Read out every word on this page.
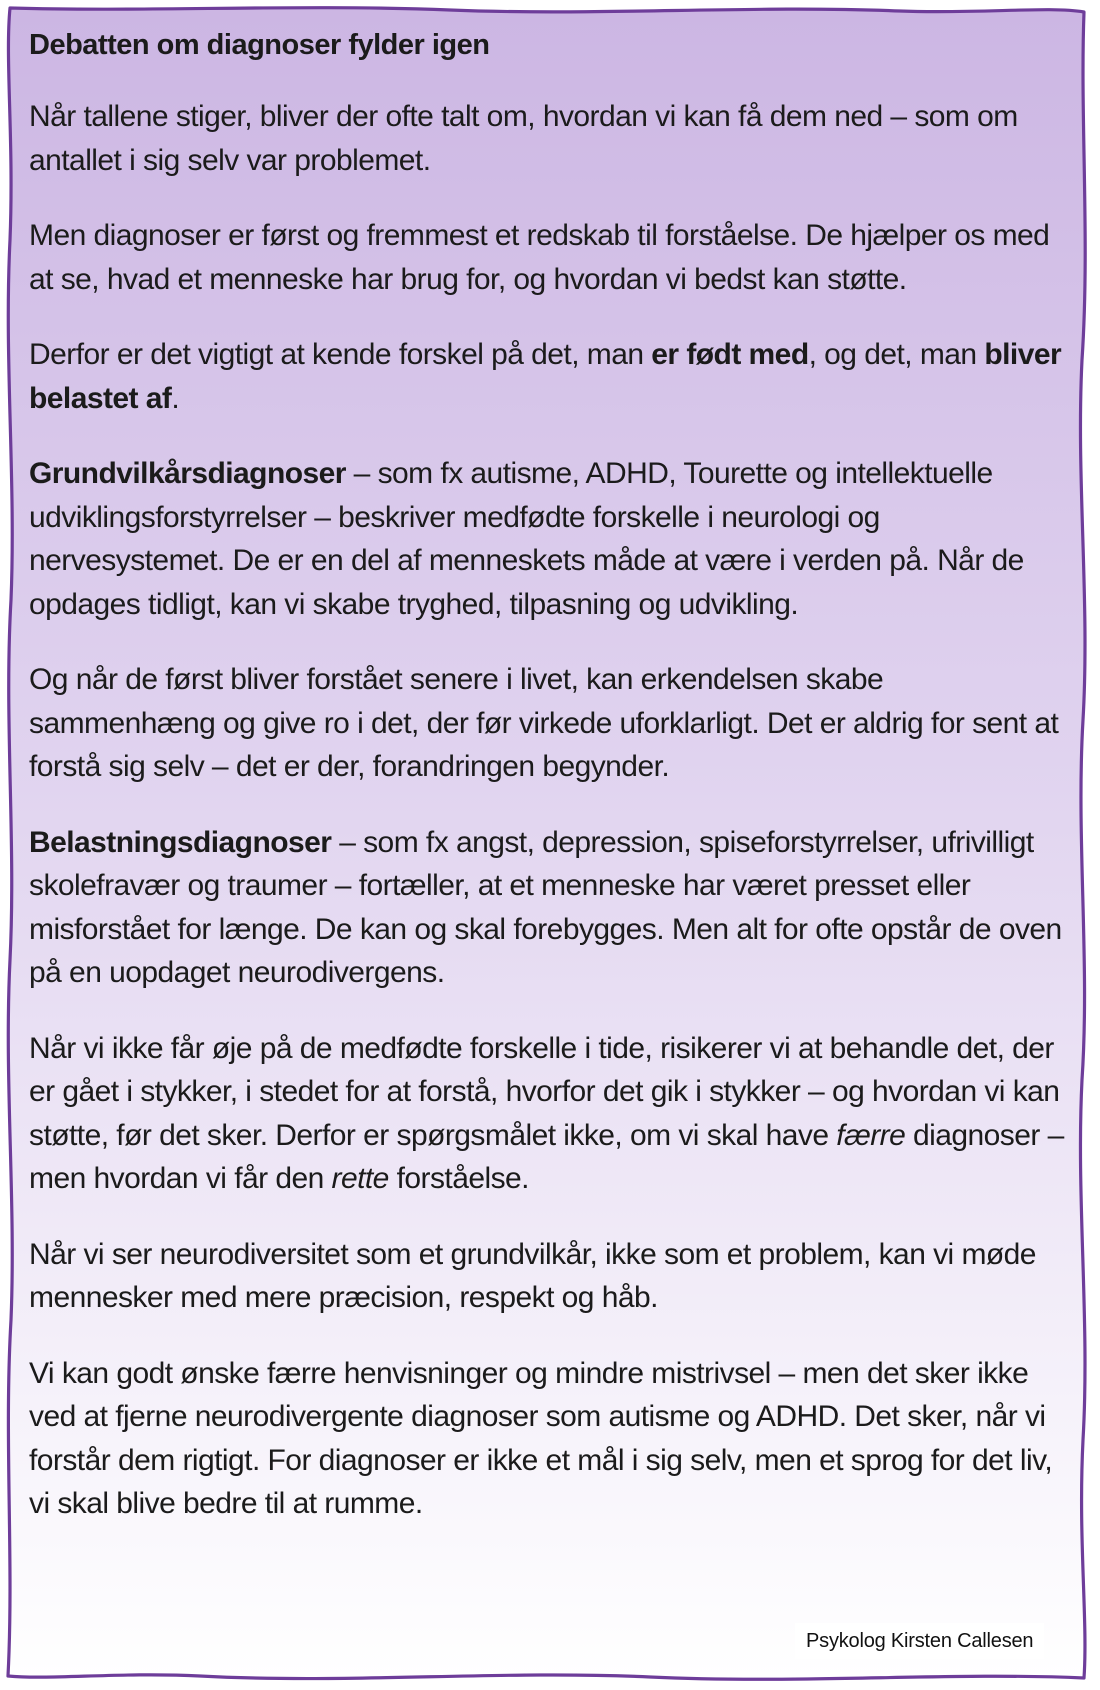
Debatten om diagnoser fylder igen

Når tallene stiger, bliver der ofte talt om, hvordan vi kan få dem ned – som om antallet i sig selv var problemet.

Men diagnoser er først og fremmest et redskab til forståelse. De hjælper os med at se, hvad et menneske har brug for, og hvordan vi bedst kan støtte.

Derfor er det vigtigt at kende forskel på det, man er født med, og det, man bliver belastet af.

Grundvilkårsdiagnoser – som fx autisme, ADHD, Tourette og intellektuelle udviklingsforstyrrelser – beskriver medfødte forskelle i neurologi og nervesystemet. De er en del af menneskets måde at være i verden på. Når de opdages tidligt, kan vi skabe tryghed, tilpasning og udvikling.

Og når de først bliver forstået senere i livet, kan erkendelsen skabe sammenhæng og give ro i det, der før virkede uforklarligt. Det er aldrig for sent at forstå sig selv – det er der, forandringen begynder.

Belastningsdiagnoser – som fx angst, depression, spiseforstyrrelser, ufrivilligt skolefravær og traumer – fortæller, at et menneske har været presset eller misforstået for længe. De kan og skal forebygges. Men alt for ofte opstår de oven på en uopdaget neurodivergens.

Når vi ikke får øje på de medfødte forskelle i tide, risikerer vi at behandle det, der er gået i stykker, i stedet for at forstå, hvorfor det gik i stykker – og hvordan vi kan støtte, før det sker. Derfor er spørgsmålet ikke, om vi skal have færre diagnoser – men hvordan vi får den rette forståelse.

Når vi ser neurodiversitet som et grundvilkår, ikke som et problem, kan vi møde mennesker med mere præcision, respekt og håb.

Vi kan godt ønske færre henvisninger og mindre mistrivsel – men det sker ikke ved at fjerne neurodivergente diagnoser som autisme og ADHD. Det sker, når vi forstår dem rigtigt. For diagnoser er ikke et mål i sig selv, men et sprog for det liv, vi skal blive bedre til at rumme.

Psykolog Kirsten Callesen
